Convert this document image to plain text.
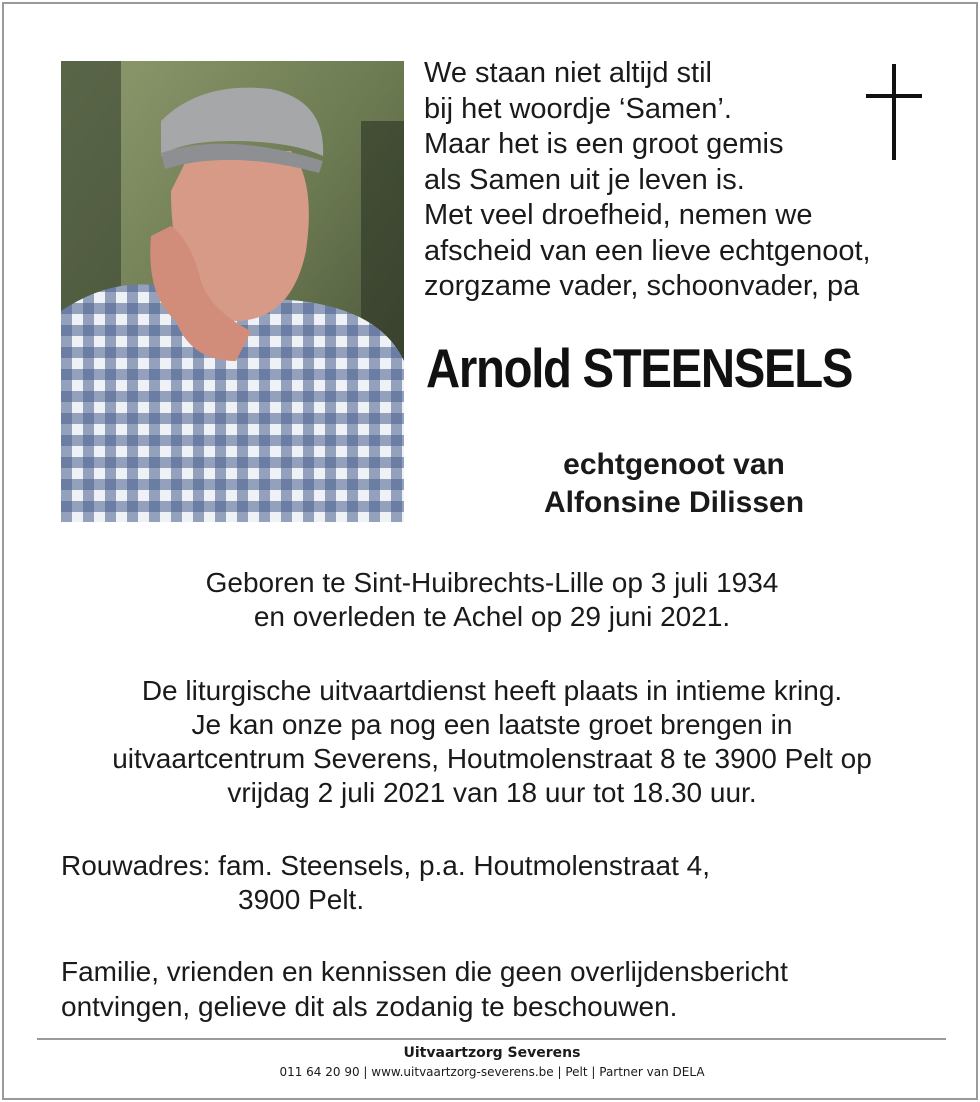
We staan niet altijd stil
bij het woordje ‘Samen’.
Maar het is een groot gemis
als Samen uit je leven is.
Met veel droefheid, nemen we
afscheid van een lieve echtgenoot,
zorgzame vader, schoonvader, pa
Arnold STEENSELS
echtgenoot van
Alfonsine Dilissen
Geboren te Sint-Huibrechts-Lille op 3 juli 1934
en overleden te Achel op 29 juni 2021.
De liturgische uitvaartdienst heeft plaats in intieme kring.
Je kan onze pa nog een laatste groet brengen in
uitvaartcentrum Severens, Houtmolenstraat 8 te 3900 Pelt op
vrijdag 2 juli 2021 van 18 uur tot 18.30 uur.
Rouwadres: fam. Steensels, p.a. Houtmolenstraat 4,
3900 Pelt.
Familie, vrienden en kennissen die geen overlijdensbericht
ontvingen, gelieve dit als zodanig te beschouwen.
Uitvaartzorg Severens
011 64 20 90 | www.uitvaartzorg-severens.be | Pelt | Partner van DELA
